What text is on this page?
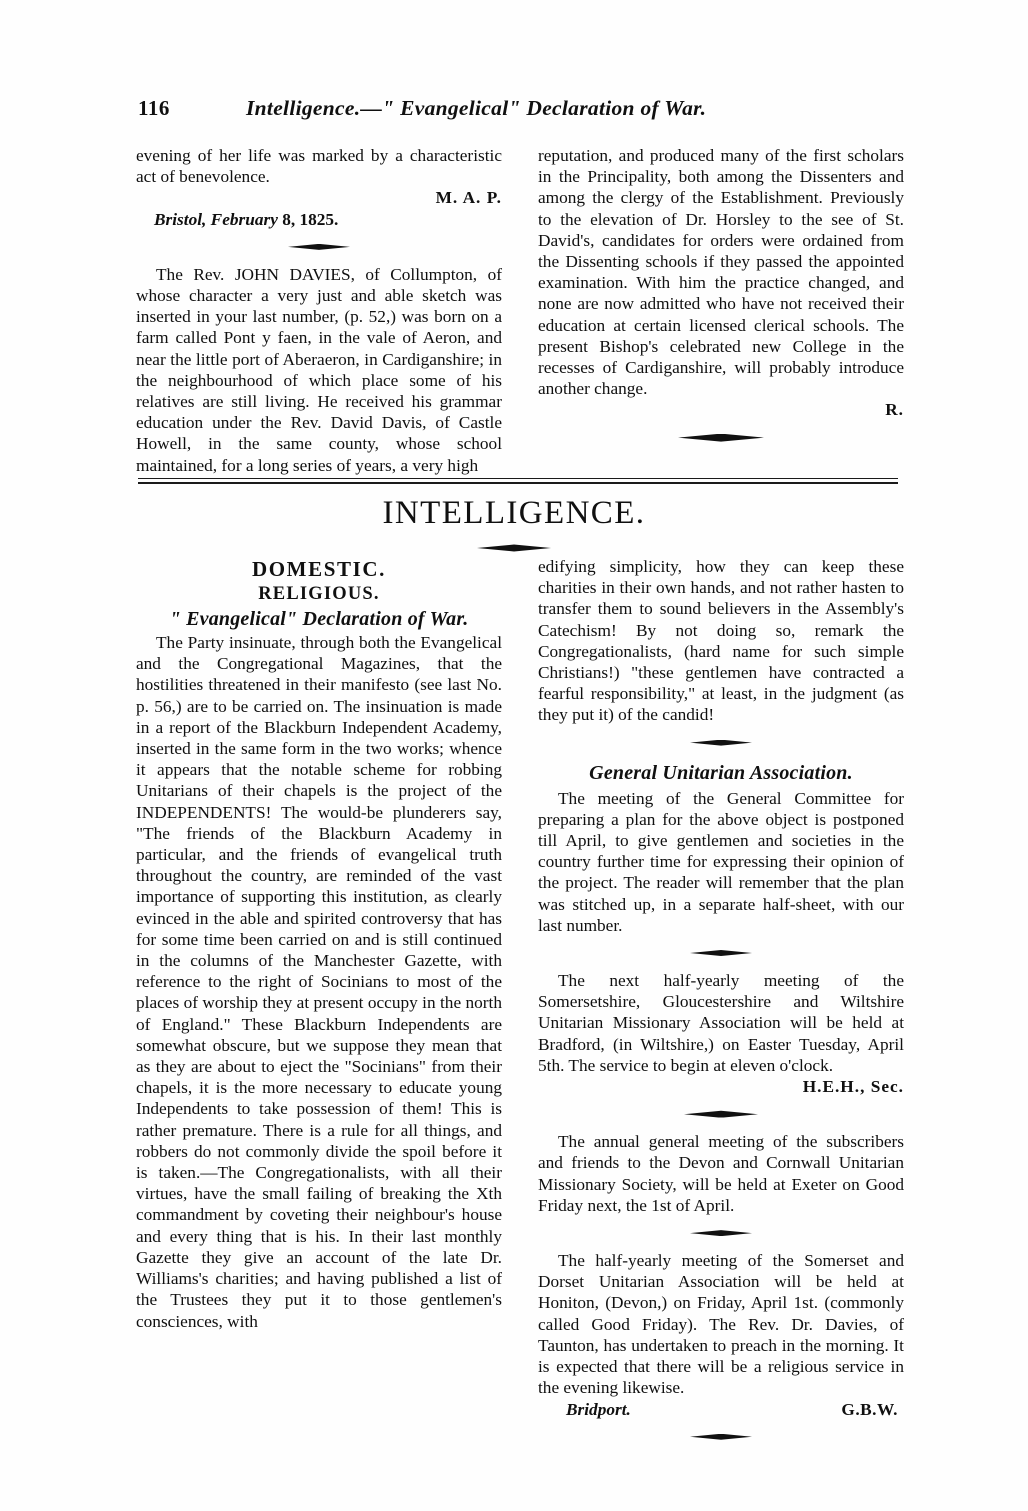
116	Intelligence.—" Evangelical" Declaration of War.

evening of her life was marked by a characteristic act of benevolence.

M. A. P.
Bristol, February 8, 1825.

The Rev. JOHN DAVIES, of Collumpton, of whose character a very just and able sketch was inserted in your last number, (p. 52,) was born on a farm called Pont y faen, in the vale of Aeron, and near the little port of Aberaeron, in Cardiganshire; in the neighbourhood of which place some of his relatives are still living. He received his grammar education under the Rev. David Davis, of Castle Howell, in the same county, whose school maintained, for a long series of years, a very high

reputation, and produced many of the first scholars in the Principality, both among the Dissenters and among the clergy of the Establishment. Previously to the elevation of Dr. Horsley to the see of St. David's, candidates for orders were ordained from the Dissenting schools if they passed the appointed examination. With him the practice changed, and none are now admitted who have not received their education at certain licensed clerical schools. The present Bishop's celebrated new College in the recesses of Cardiganshire, will probably introduce another change.

R.
INTELLIGENCE.
DOMESTIC.
RELIGIOUS.
" Evangelical" Declaration of War.

The Party insinuate, through both the Evangelical and the Congregational Magazines, that the hostilities threatened in their manifesto (see last No. p. 56,) are to be carried on. The insinuation is made in a report of the Blackburn Independent Academy, inserted in the same form in the two works; whence it appears that the notable scheme for robbing Unitarians of their chapels is the project of the INDEPENDENTS! The would-be plunderers say, "The friends of the Blackburn Academy in particular, and the friends of evangelical truth throughout the country, are reminded of the vast importance of supporting this institution, as clearly evinced in the able and spirited controversy that has for some time been carried on and is still continued in the columns of the Manchester Gazette, with reference to the right of Socinians to most of the places of worship they at present occupy in the north of England." These Blackburn Independents are somewhat obscure, but we suppose they mean that as they are about to eject the "Socinians" from their chapels, it is the more necessary to educate young Independents to take possession of them! This is rather premature. There is a rule for all things, and robbers do not commonly divide the spoil before it is taken.—The Congregationalists, with all their virtues, have the small failing of breaking the Xth commandment by coveting their neighbour's house and every thing that is his. In their last monthly Gazette they give an account of the late Dr. Williams's charities; and having published a list of the Trustees they put it to those gentlemen's consciences, with

edifying simplicity, how they can keep these charities in their own hands, and not rather hasten to transfer them to sound believers in the Assembly's Catechism! By not doing so, remark the Congregationalists, (hard name for such simple Christians!) "these gentlemen have contracted a fearful responsibility," at least, in the judgment (as they put it) of the candid!

General Unitarian Association.

The meeting of the General Committee for preparing a plan for the above object is postponed till April, to give gentlemen and societies in the country further time for expressing their opinion of the project. The reader will remember that the plan was stitched up, in a separate half-sheet, with our last number.

The next half-yearly meeting of the Somersetshire, Gloucestershire and Wiltshire Unitarian Missionary Association will be held at Bradford, (in Wiltshire,) on Easter Tuesday, April 5th. The service to begin at eleven o'clock.

H.E.H., Sec.

The annual general meeting of the subscribers and friends to the Devon and Cornwall Unitarian Missionary Society, will be held at Exeter on Good Friday next, the 1st of April.

The half-yearly meeting of the Somerset and Dorset Unitarian Association will be held at Honiton, (Devon,) on Friday, April 1st. (commonly called Good Friday). The Rev. Dr. Davies, of Taunton, has undertaken to preach in the morning. It is expected that there will be a religious service in the evening likewise.

Bridport.	G.B.W.
